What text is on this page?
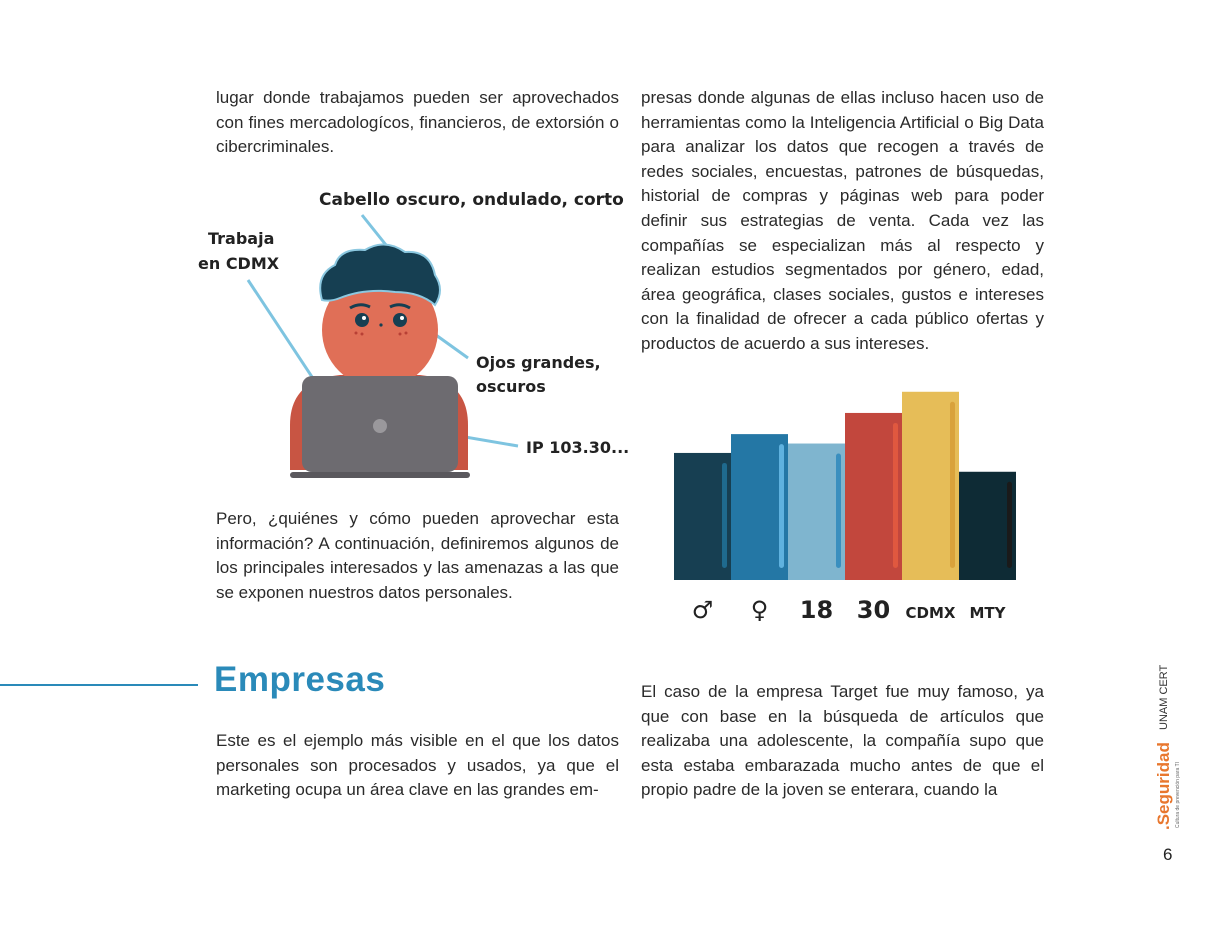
lugar donde trabajamos pueden ser aprovechados con fines mercadologícos, financieros, de extorsión o cibercriminales.

Cabello oscuro, ondulado, corto
Trabaja
en CDMX
Ojos grandes,
oscuros
IP 103.30...

Pero, ¿quiénes y cómo pueden aprovechar esta información? A continuación, definiremos algunos de los principales interesados y las amenazas a las que se exponen nuestros datos personales.

Empresas

Este es el ejemplo más visible en el que los datos personales son procesados y usados, ya que el marketing ocupa un área clave en las grandes em-

presas donde algunas de ellas incluso hacen uso de herramientas como la Inteligencia Artificial o Big Data para analizar los datos que recogen a través de redes sociales, encuestas, patrones de búsquedas, historial de compras y páginas web para poder definir sus estrategias de venta. Cada vez las compañías se especializan más al respecto y realizan estudios segmentados por género, edad, área geográfica, clases sociales, gustos e intereses con la finalidad de ofrecer a cada público ofertas y productos de acuerdo a sus intereses.

♂ ♀ 18 30 CDMX MTY

El caso de la empresa Target fue muy famoso, ya que con base en la búsqueda de artículos que realizaba una adolescente, la compañía supo que esta estaba embarazada mucho antes de que el propio padre de la joven se enterara, cuando la

UNAM CERT
.Seguridad Cultura de prevención para TI
6
